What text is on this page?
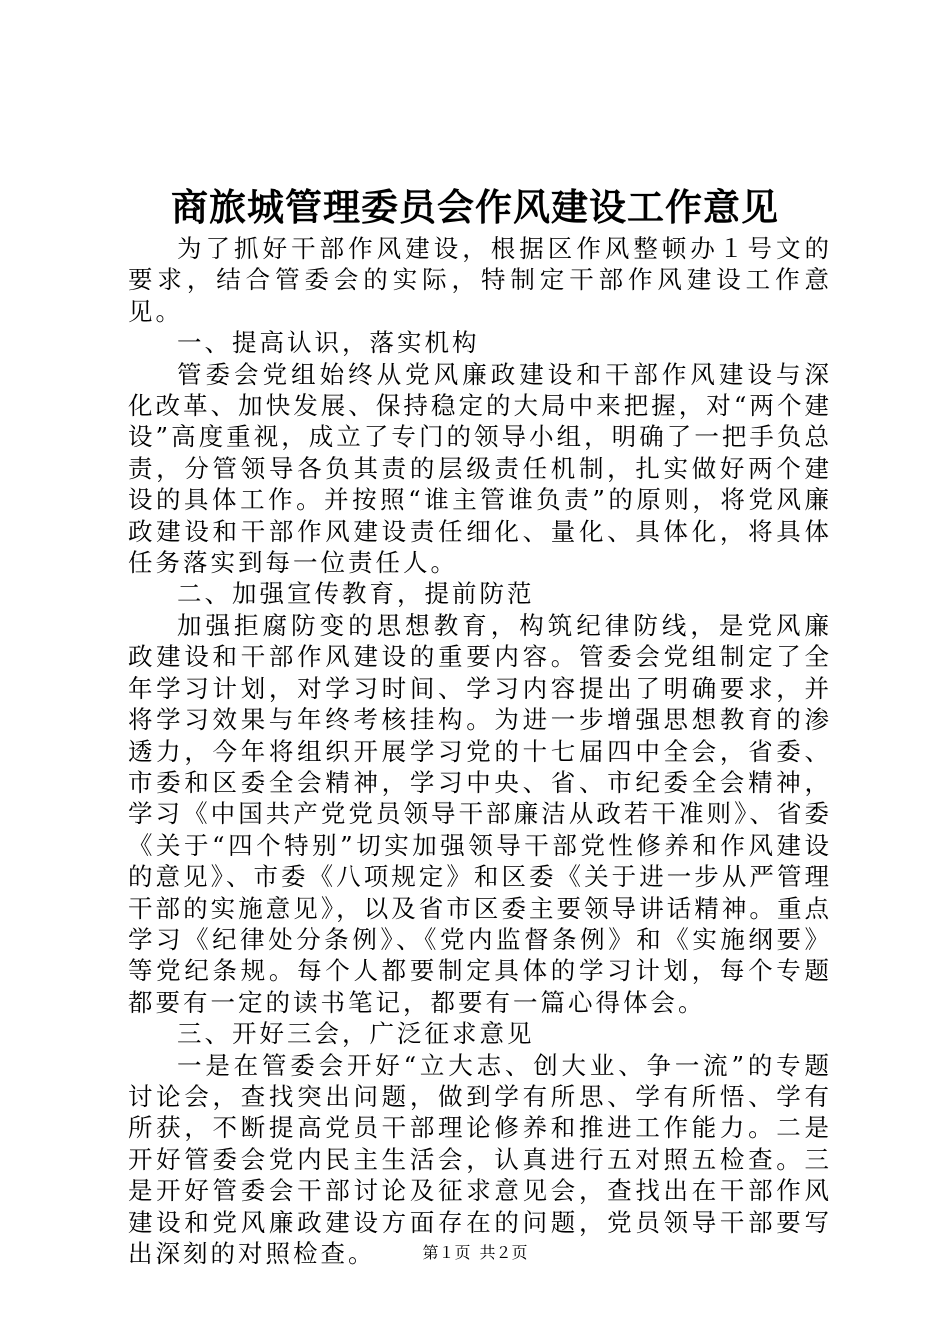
商旅城管理委员会作风建设工作意见

为了抓好干部作风建设，根据区作风整顿办１号文的要求，结合管委会的实际，特制定干部作风建设工作意见。

一、提高认识，落实机构

管委会党组始终从党风廉政建设和干部作风建设与深化改革、加快发展、保持稳定的大局中来把握，对“两个建设”高度重视，成立了专门的领导小组，明确了一把手负总责，分管领导各负其责的层级责任机制，扎实做好两个建设的具体工作。并按照“谁主管谁负责”的原则，将党风廉政建设和干部作风建设责任细化、量化、具体化，将具体任务落实到每一位责任人。

二、加强宣传教育，提前防范

加强拒腐防变的思想教育，构筑纪律防线，是党风廉政建设和干部作风建设的重要内容。管委会党组制定了全年学习计划，对学习时间、学习内容提出了明确要求，并将学习效果与年终考核挂构。为进一步增强思想教育的渗透力，今年将组织开展学习党的十七届四中全会，省委、市委和区委全会精神，学习中央、省、市纪委全会精神，学习《中国共产党党员领导干部廉洁从政若干准则》、省委《关于“四个特别”切实加强领导干部党性修养和作风建设的意见》、市委《八项规定》和区委《关于进一步从严管理干部的实施意见》，以及省市区委主要领导讲话精神。重点学习《纪律处分条例》、《党内监督条例》和《实施纲要》等党纪条规。每个人都要制定具体的学习计划，每个专题都要有一定的读书笔记，都要有一篇心得体会。

三、开好三会，广泛征求意见

一是在管委会开好“立大志、创大业、争一流”的专题讨论会，查找突出问题，做到学有所思、学有所悟、学有所获，不断提高党员干部理论修养和推进工作能力。二是开好管委会党内民主生活会，认真进行五对照五检查。三是开好管委会干部讨论及征求意见会，查找出在干部作风建设和党风廉政建设方面存在的问题，党员领导干部要写出深刻的对照检查。	第１页 共２页
